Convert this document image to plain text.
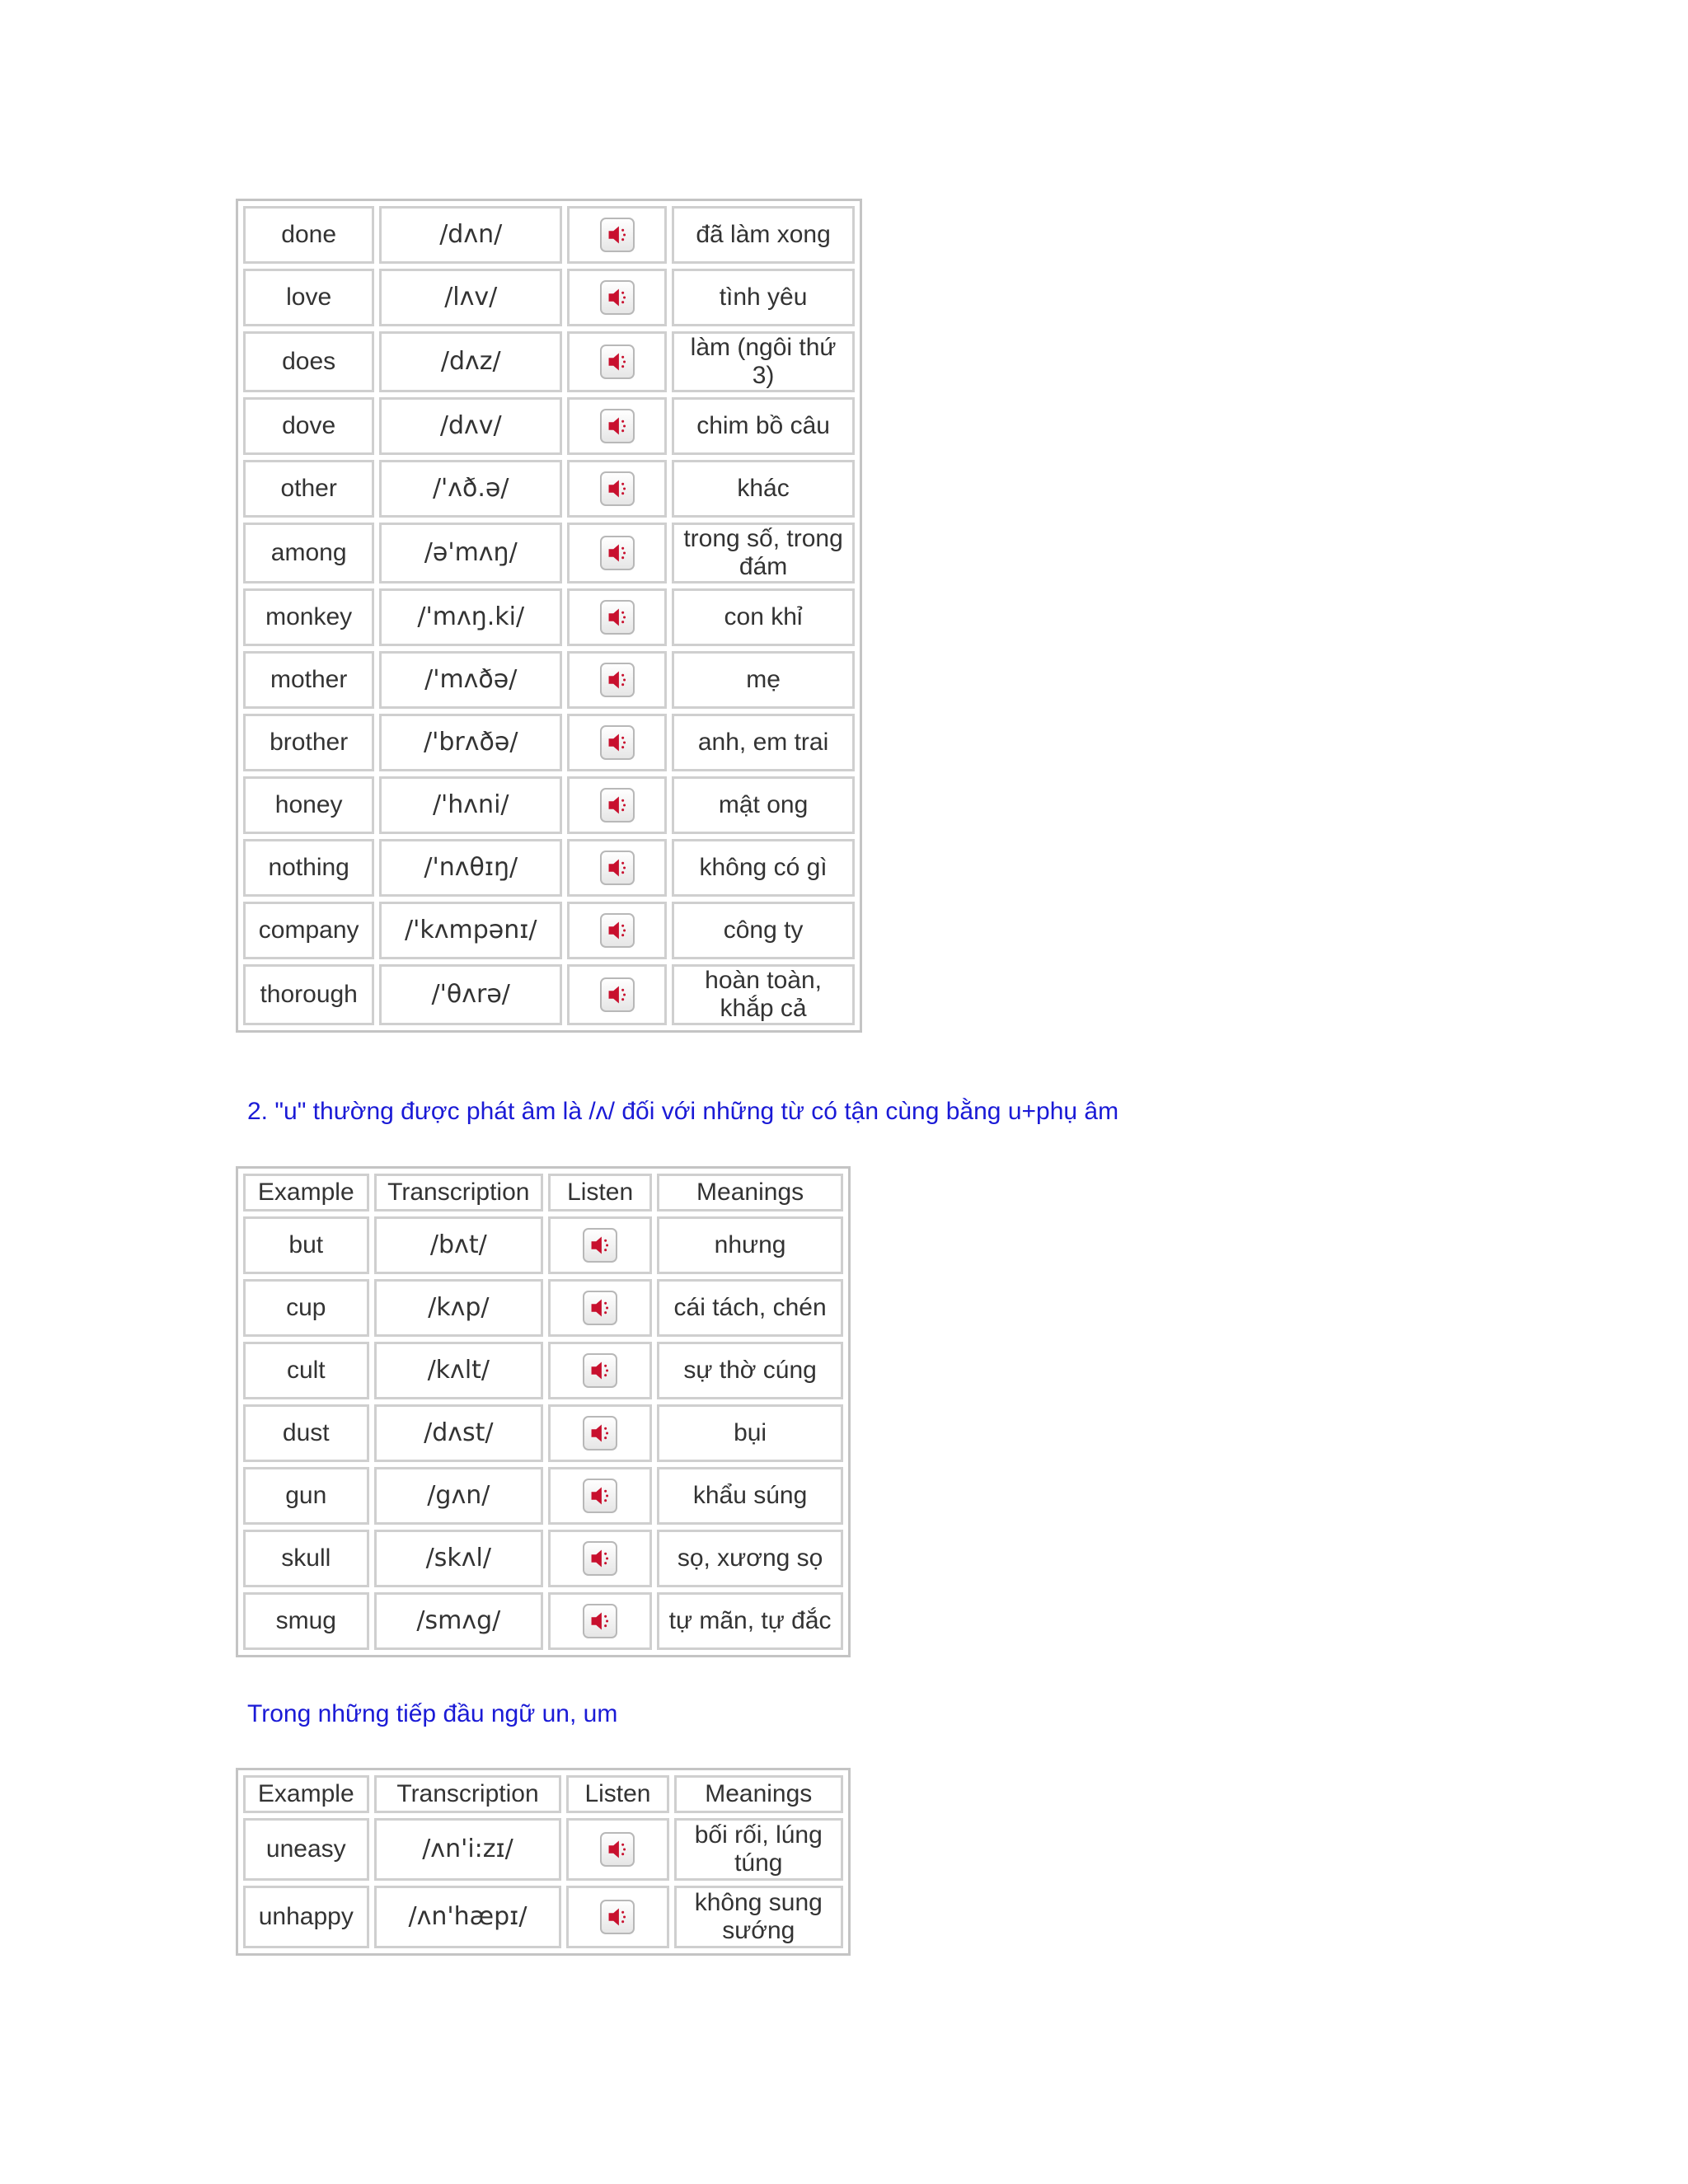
done	/dʌn/		đã làm xong
love	/lʌv/		tình yêu
does	/dʌz/		làm (ngôi thứ 3)
dove	/dʌv/		chim bồ câu
other	/'ʌð.ə/		khác
among	/ə'mʌŋ/		trong số, trong đám
monkey	/'mʌŋ.ki/		con khỉ
mother	/'mʌðə/		mẹ
brother	/'brʌðə/		anh, em trai
honey	/'hʌni/		mật ong
nothing	/'nʌθɪŋ/		không có gì
company	/'kʌmpənɪ/		công ty
thorough	/'θʌrə/		hoàn toàn, khắp cả

2. "u" thường được phát âm là /ʌ/ đối với những từ có tận cùng bằng u+phụ âm

Example	Transcription	Listen	Meanings
but	/bʌt/		nhưng
cup	/kʌp/		cái tách, chén
cult	/kʌlt/		sự thờ cúng
dust	/dʌst/		bụi
gun	/gʌn/		khẩu súng
skull	/skʌl/		sọ, xương sọ
smug	/smʌg/		tự mãn, tự đắc

Trong những tiếp đầu ngữ un, um

Example	Transcription	Listen	Meanings
uneasy	/ʌn'i:zɪ/		bối rối, lúng túng
unhappy	/ʌn'hæpɪ/		không sung sướng
